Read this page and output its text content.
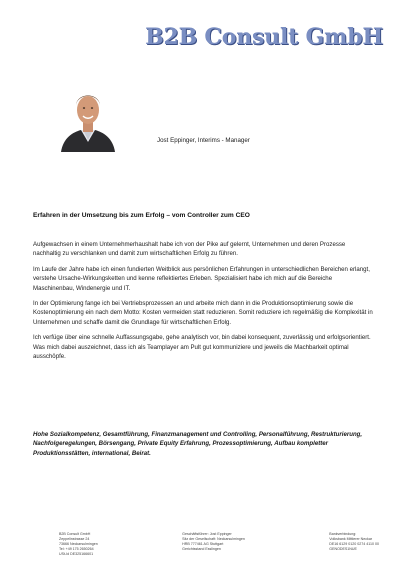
B2B Consult GmbH
Jost Eppinger, Interims - Manager
Erfahren in der Umsetzung bis zum Erfolg – vom Controller zum CEO

Aufgewachsen in einem Unternehmerhaushalt habe ich von der Pike auf gelernt, Unternehmen und deren Prozesse nachhaltig zu verschlanken und damit zum wirtschaftlichen Erfolg zu führen.

Im Laufe der Jahre habe ich einen fundierten Weitblick aus persönlichen Erfahrungen in unterschiedlichen Bereichen erlangt, verstehe Ursache-Wirkungsketten und kenne reflektiertes Erleben. Spezialisiert habe ich mich auf die Bereiche Maschinenbau, Windenergie und IT.

In der Optimierung fange ich bei Vertriebsprozessen an und arbeite mich dann in die Produktionsoptimierung sowie die Kostenoptimierung ein nach dem Motto: Kosten vermeiden statt reduzieren. Somit reduziere ich regelmäßig die Komplexität in Unternehmen und schaffe damit die Grundlage für wirtschaftlichen Erfolg.

Ich verfüge über eine schnelle Auffassungsgabe, gehe analytisch vor, bin dabei konsequent, zuverlässig und erfolgsorientiert. Was mich dabei auszeichnet, dass ich als Teamplayer am Pult gut kommuniziere und jeweils die Machbarkeit optimal ausschöpfe.

Hohe Sozialkompetenz, Gesamtführung, Finanzmanagement und Controlling, Personalführung, Restrukturierung, Nachfolgeregelungen, Börsengang, Private Equity Erfahrung, Prozessoptimierung, Aufbau kompletter Produktionsstätten, international, Beirat.
B2B Consult GmbH
Zeppelinstrasse 24
73666 Neckarsulmingen
Tel: +49 175 2650264
USt-Id DE325166601
Geschäftsführer: Jost Eppinger
Sitz der Gesellschaft: Neckarsulmingen
HRB 777461 AG Stuttgart
Gerichtsstand Esslingen
Bankverbindung:
Volksbank Mittlerer Neckar
DE16 6129 0120 0274 4110 00
GENODES1NUE
